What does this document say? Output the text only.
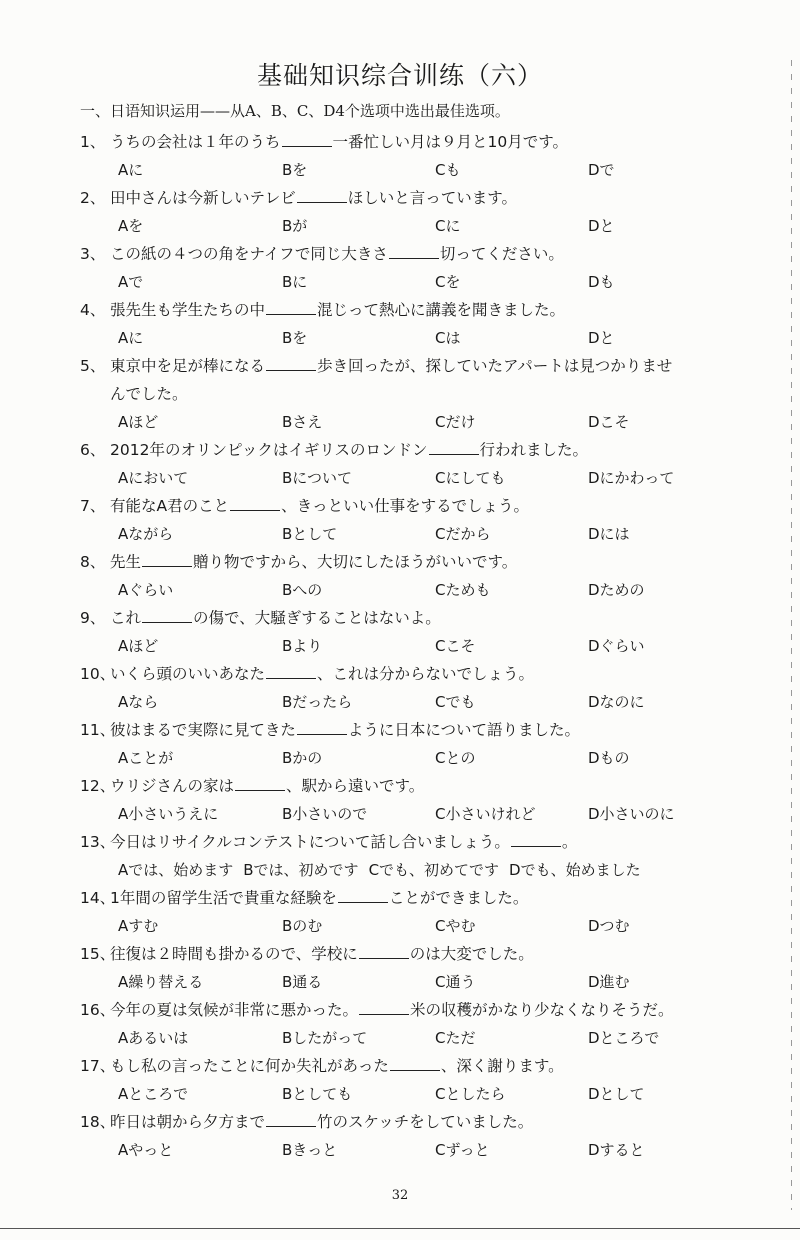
基础知识综合训练（六）
一、日语知识运用——从A、B、C、D4个选项中选出最佳选项。
1、 うちの会社は１年のうち	一番忙しい月は９月と10月です。
Aに	Bを	Cも	Dで
2、 田中さんは今新しいテレビ	ほしいと言っています。
Aを	Bが	Cに	Dと
3、 この紙の４つの角をナイフで同じ大きさ	切ってください。
Aで	Bに	Cを	Dも
4、 張先生も学生たちの中	混じって熱心に講義を聞きました。
Aに	Bを	Cは	Dと
5、 東京中を足が棒になる	歩き回ったが、探していたアパートは見つかりませ
んでした。
Aほど	Bさえ	Cだけ	Dこそ
6、 2012年のオリンピックはイギリスのロンドン	行われました。
Aにおいて	Bについて	Cにしても	Dにかわって
7、 有能なA君のこと	、きっといい仕事をするでしょう。
Aながら	Bとして	Cだから	Dには
8、 先生	贈り物ですから、大切にしたほうがいいです。
Aぐらい	Bへの	Cためも	Dための
9、 これ	の傷で、大騒ぎすることはないよ。
Aほど	Bより	Cこそ	Dぐらい
10、いくら頭のいいあなた	、これは分からないでしょう。
Aなら	Bだったら	Cでも	Dなのに
11、彼はまるで実際に見てきた	ように日本について語りました。
Aことが	Bかの	Cとの	Dもの
12、ウリジさんの家は	、駅から遠いです。
A小さいうえに	B小さいので	C小さいけれど	D小さいのに
13、今日はリサイクルコンテストについて話し合いましょう。	。
Aでは、始めます Bでは、初めです Cでも、初めてです Dでも、始めました
14、1年間の留学生活で貴重な経験を	ことができました。
Aすむ	Bのむ	Cやむ	Dつむ
15、往復は２時間も掛かるので、学校に	のは大変でした。
A繰り替える	B通る	C通う	D進む
16、今年の夏は気候が非常に悪かった。	米の収穫がかなり少なくなりそうだ。
Aあるいは	Bしたがって	Cただ	Dところで
17、もし私の言ったことに何か失礼があった	、深く謝ります。
Aところで	Bとしても	Cとしたら	Dとして
18、昨日は朝から夕方まで	竹のスケッチをしていました。
Aやっと	Bきっと	Cずっと	Dすると
32
